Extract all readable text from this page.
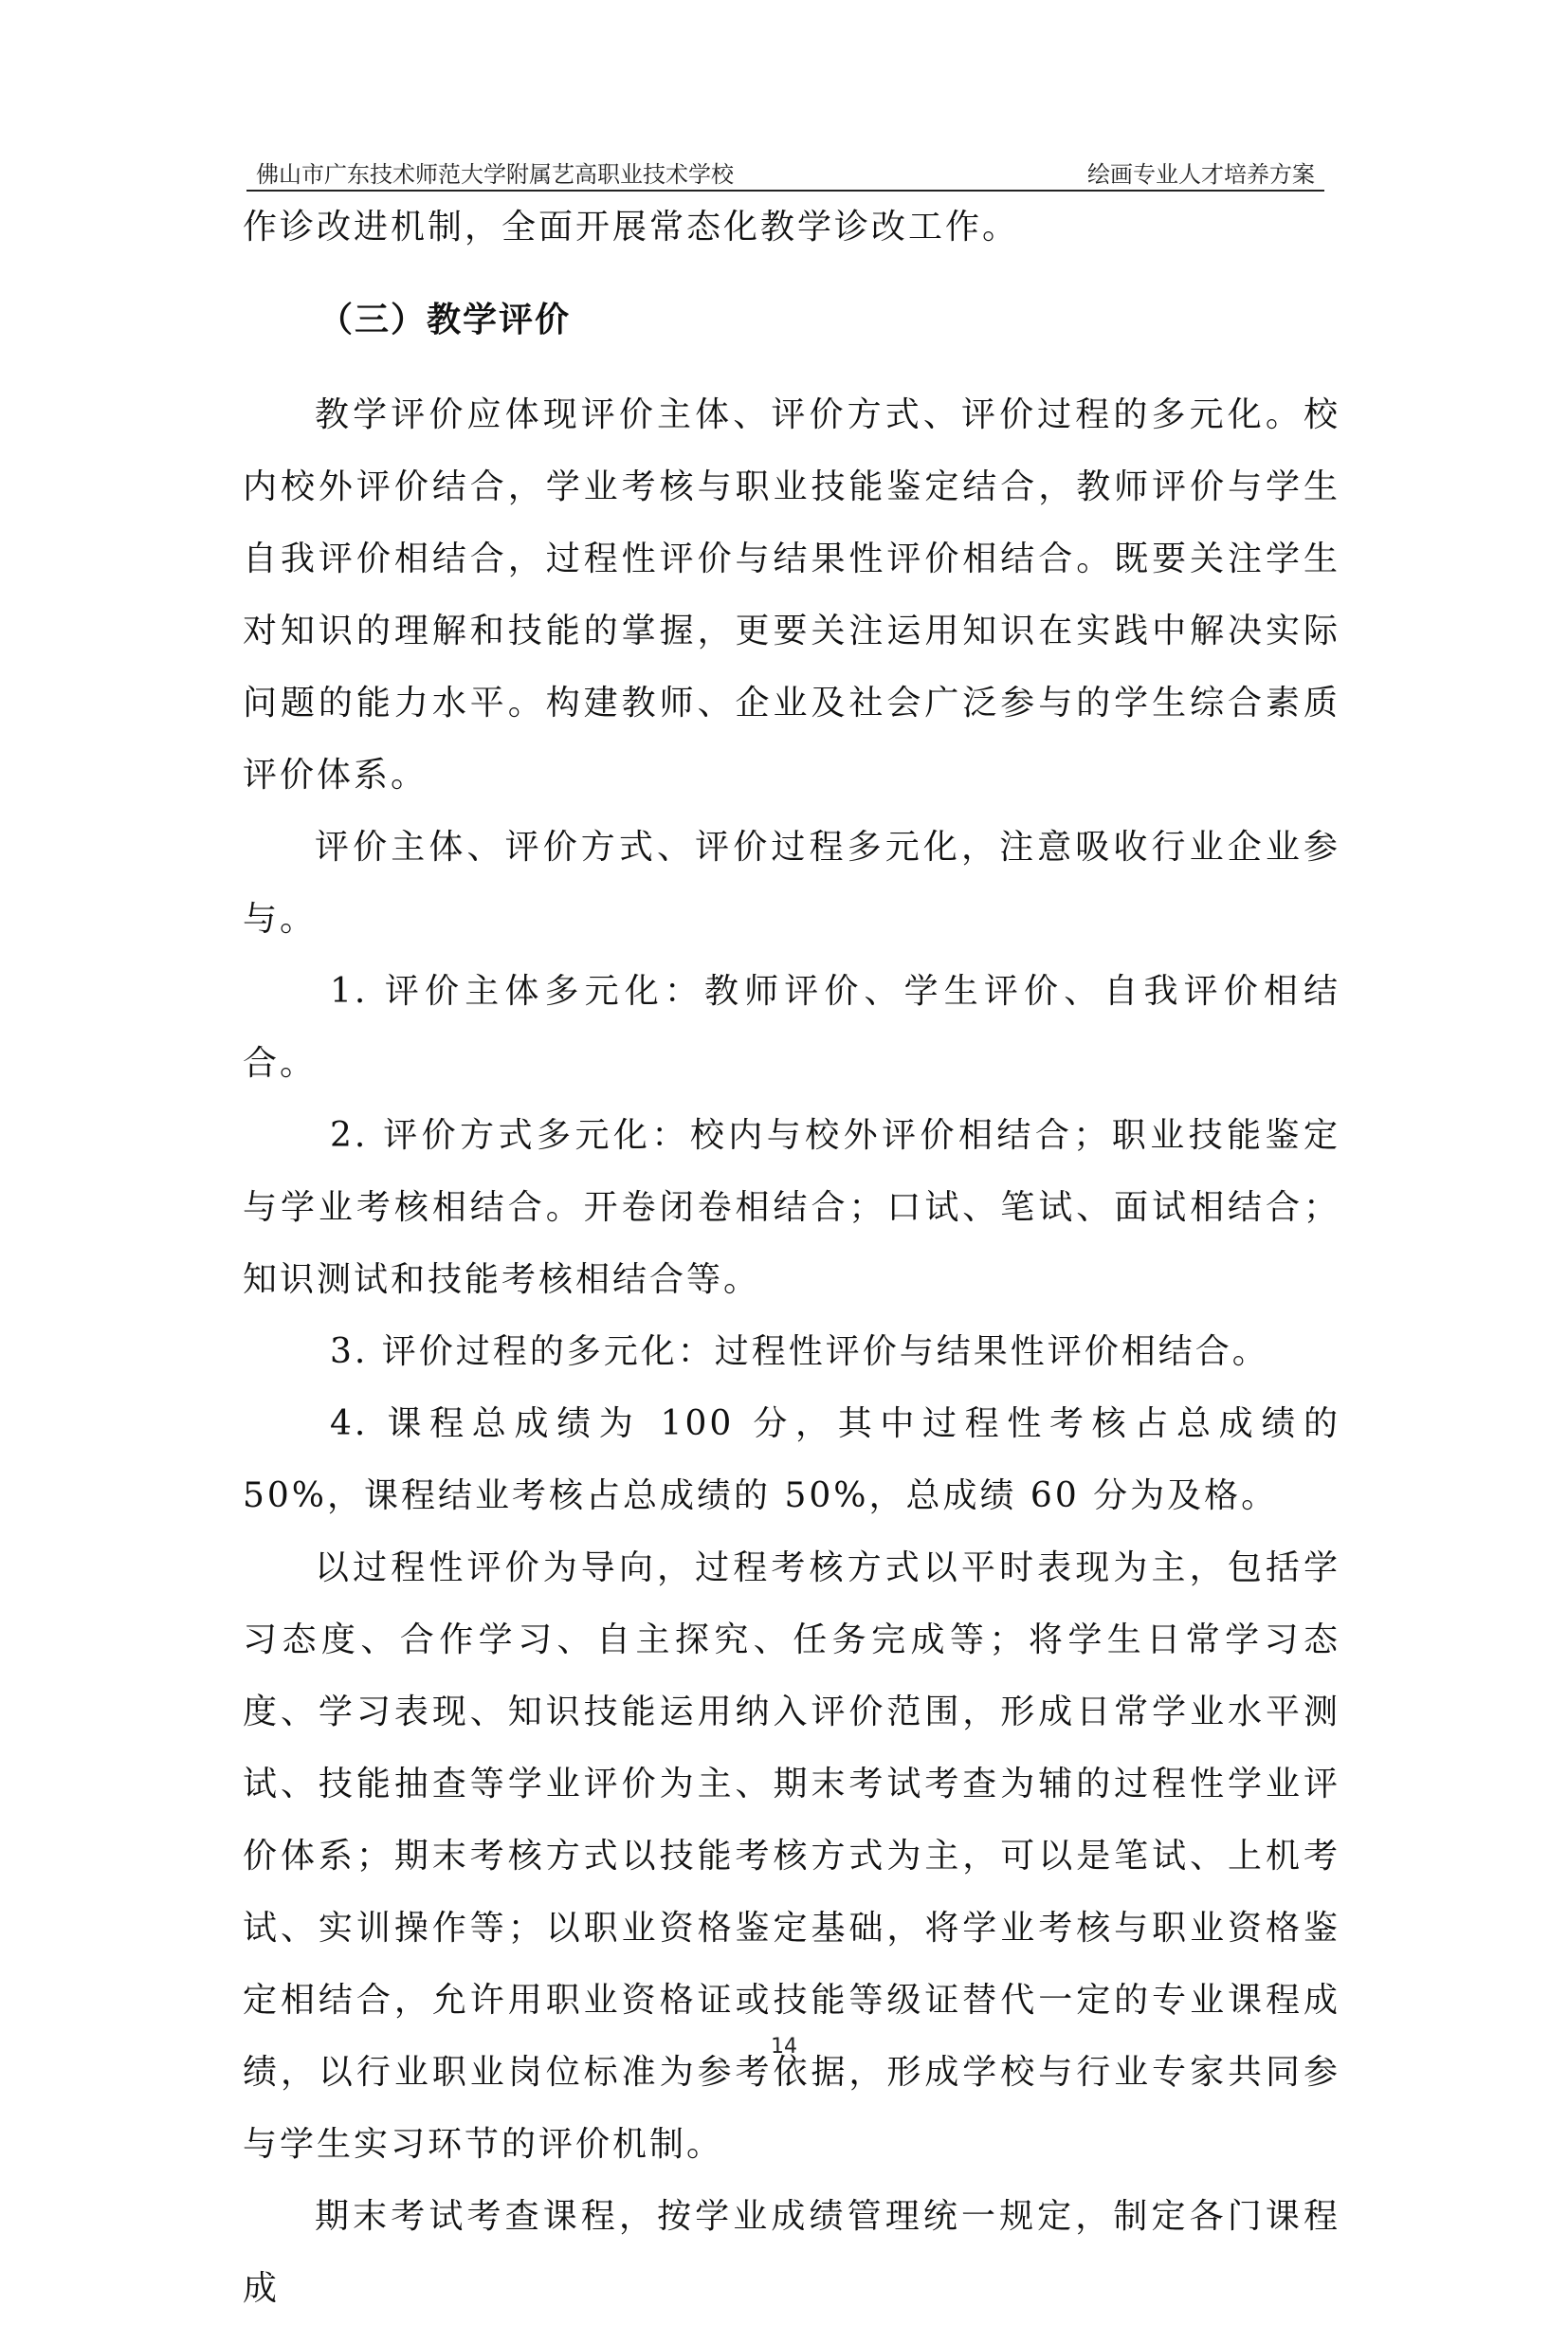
佛山市广东技术师范大学附属艺高职业技术学校	绘画专业人才培养方案

作诊改进机制，全面开展常态化教学诊改工作。

（三）教学评价

教学评价应体现评价主体、评价方式、评价过程的多元化。校内校外评价结合，学业考核与职业技能鉴定结合，教师评价与学生自我评价相结合，过程性评价与结果性评价相结合。既要关注学生对知识的理解和技能的掌握，更要关注运用知识在实践中解决实际问题的能力水平。构建教师、企业及社会广泛参与的学生综合素质评价体系。

评价主体、评价方式、评价过程多元化，注意吸收行业企业参与。

1. 评价主体多元化：教师评价、学生评价、自我评价相结合。

2. 评价方式多元化：校内与校外评价相结合；职业技能鉴定与学业考核相结合。开卷闭卷相结合；口试、笔试、面试相结合；知识测试和技能考核相结合等。

3. 评价过程的多元化：过程性评价与结果性评价相结合。

4. 课程总成绩为 100 分，其中过程性考核占总成绩的 50%，课程结业考核占总成绩的 50%，总成绩 60 分为及格。

以过程性评价为导向，过程考核方式以平时表现为主，包括学习态度、合作学习、自主探究、任务完成等；将学生日常学习态度、学习表现、知识技能运用纳入评价范围，形成日常学业水平测试、技能抽查等学业评价为主、期末考试考查为辅的过程性学业评价体系；期末考核方式以技能考核方式为主，可以是笔试、上机考试、实训操作等；以职业资格鉴定基础，将学业考核与职业资格鉴定相结合，允许用职业资格证或技能等级证替代一定的专业课程成绩，以行业职业岗位标准为参考依据，形成学校与行业专家共同参与学生实习环节的评价机制。

期末考试考查课程，按学业成绩管理统一规定，制定各门课程成

14
